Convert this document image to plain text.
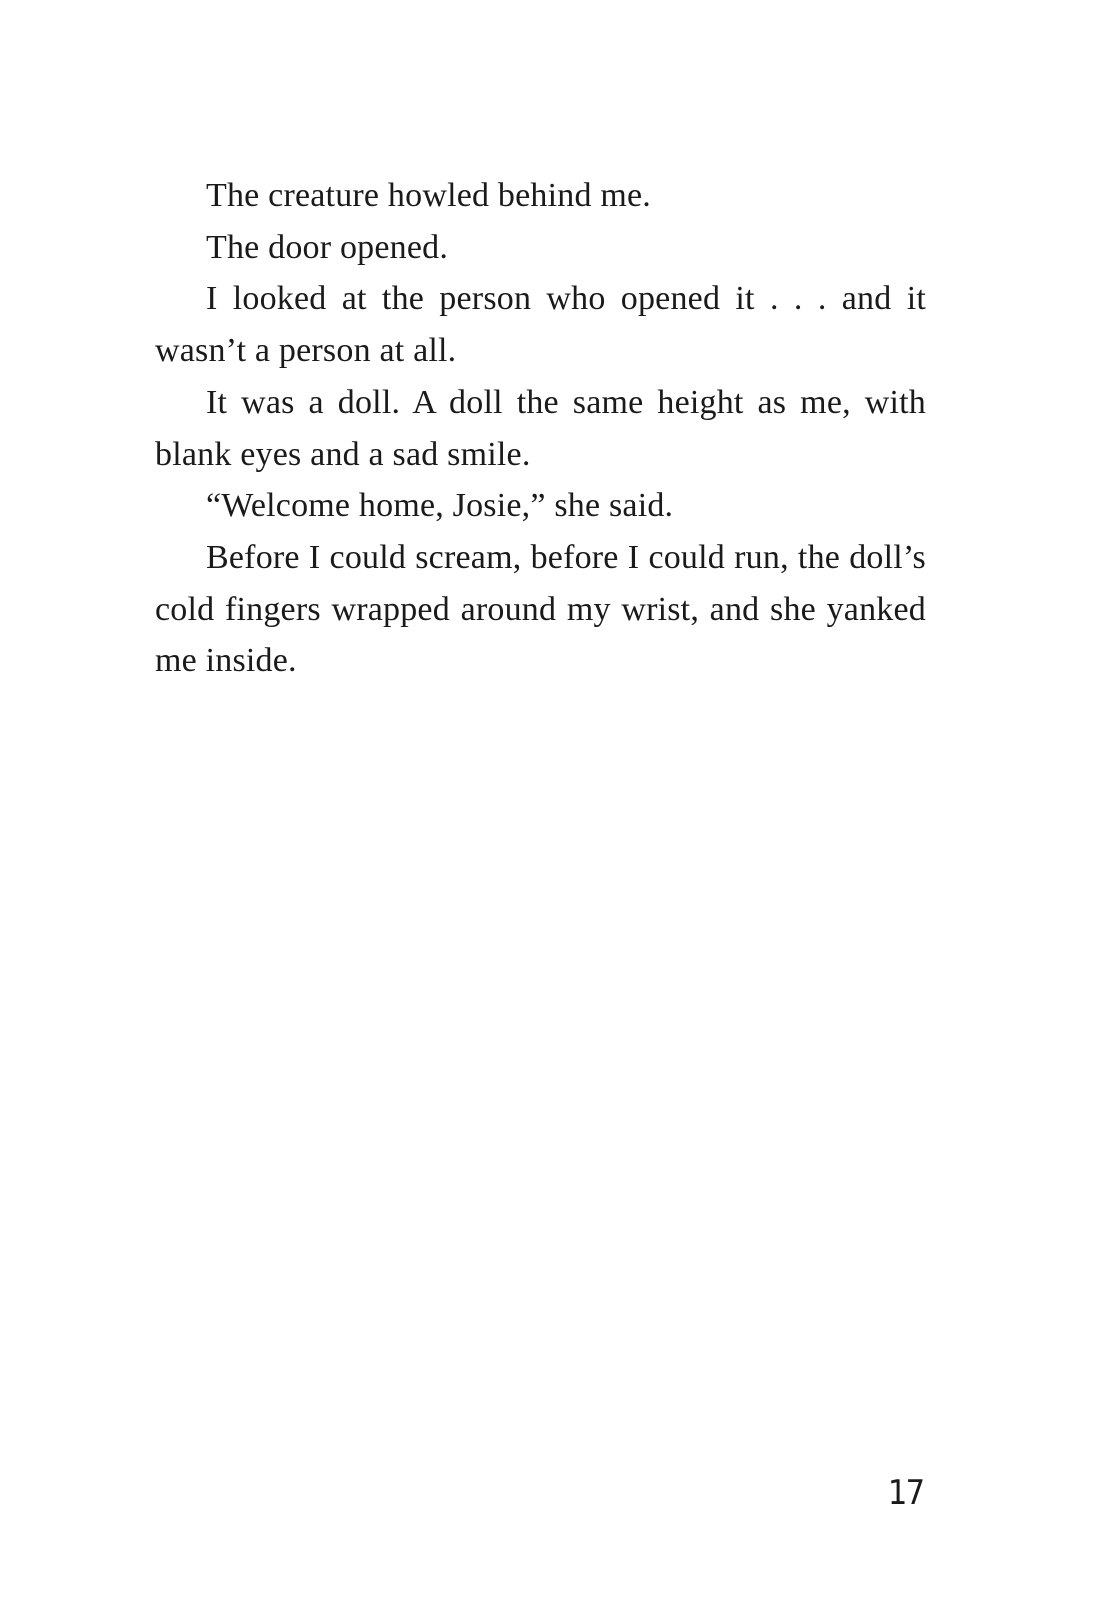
The creature howled behind me.

The door opened.

I looked at the person who opened it . . . and it wasn’t a person at all.

It was a doll. A doll the same height as me, with blank eyes and a sad smile.

“Welcome home, Josie,” she said.

Before I could scream, before I could run, the doll’s cold fingers wrapped around my wrist, and she yanked me inside.

17
